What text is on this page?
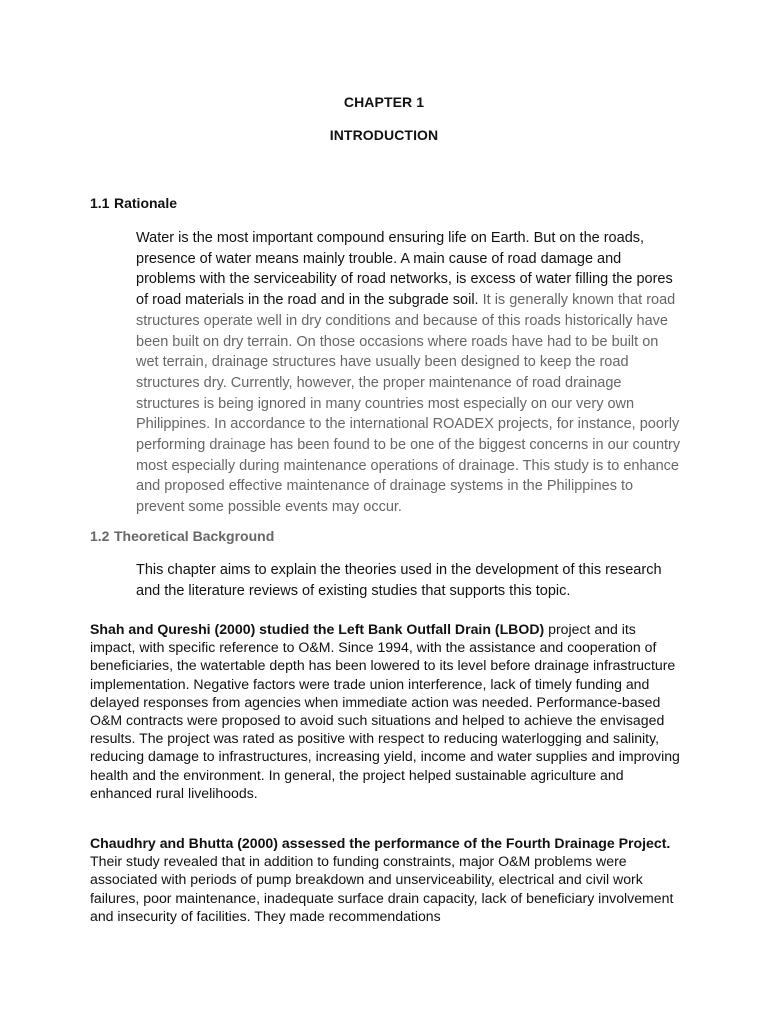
CHAPTER 1
INTRODUCTION
1.1 Rationale

Water is the most important compound ensuring life on Earth. But on the roads, presence of water means mainly trouble. A main cause of road damage and problems with the serviceability of road networks, is excess of water filling the pores of road materials in the road and in the subgrade soil. It is generally known that road structures operate well in dry conditions and because of this roads historically have been built on dry terrain. On those occasions where roads have had to be built on wet terrain, drainage structures have usually been designed to keep the road structures dry. Currently, however, the proper maintenance of road drainage structures is being ignored in many countries most especially on our very own Philippines. In accordance to the international ROADEX projects, for instance, poorly performing drainage has been found to be one of the biggest concerns in our country most especially during maintenance operations of drainage. This study is to enhance and proposed effective maintenance of drainage systems in the Philippines to prevent some possible events may occur.

1.2 Theoretical Background

This chapter aims to explain the theories used in the development of this research and the literature reviews of existing studies that supports this topic.

Shah and Qureshi (2000) studied the Left Bank Outfall Drain (LBOD) project and its impact, with specific reference to O&M. Since 1994, with the assistance and cooperation of beneficiaries, the watertable depth has been lowered to its level before drainage infrastructure implementation. Negative factors were trade union interference, lack of timely funding and delayed responses from agencies when immediate action was needed. Performance-based O&M contracts were proposed to avoid such situations and helped to achieve the envisaged results. The project was rated as positive with respect to reducing waterlogging and salinity, reducing damage to infrastructures, increasing yield, income and water supplies and improving health and the environment. In general, the project helped sustainable agriculture and enhanced rural livelihoods.

Chaudhry and Bhutta (2000) assessed the performance of the Fourth Drainage Project. Their study revealed that in addition to funding constraints, major O&M problems were associated with periods of pump breakdown and unserviceability, electrical and civil work failures, poor maintenance, inadequate surface drain capacity, lack of beneficiary involvement and insecurity of facilities. They made recommendations
